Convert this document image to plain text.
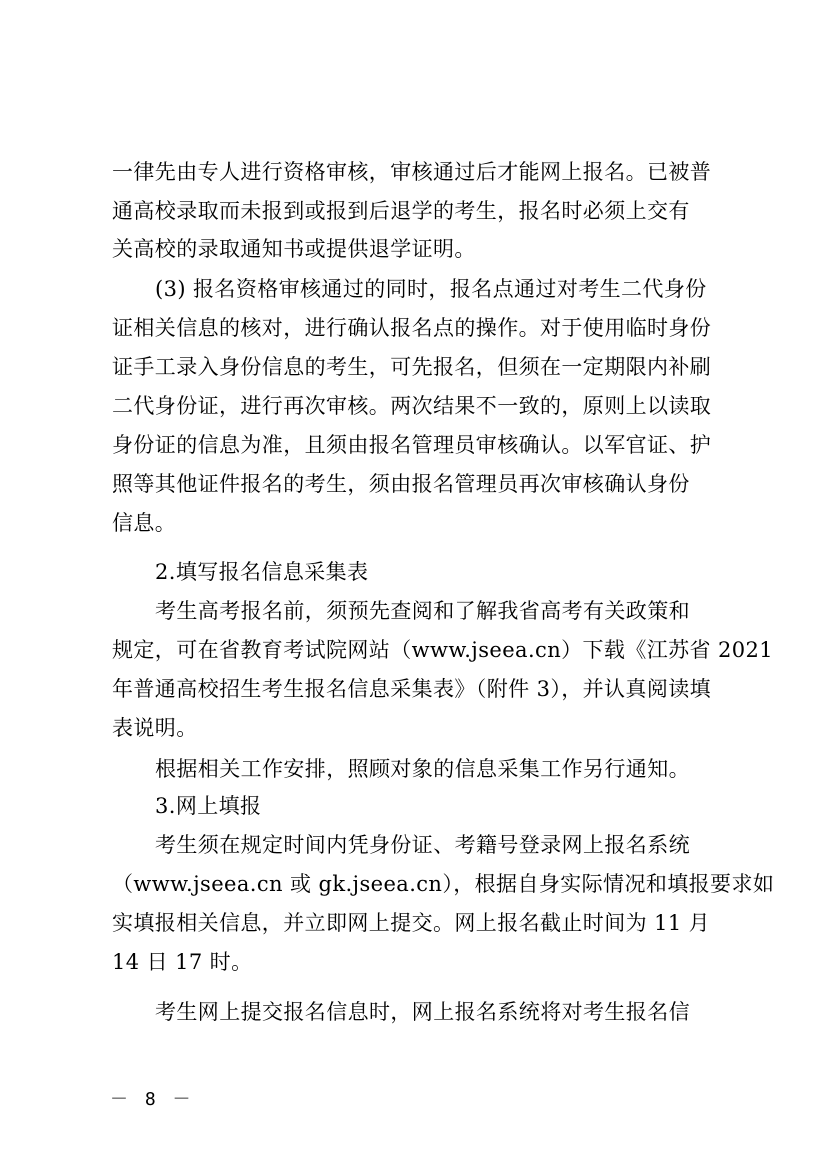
一律先由专人进行资格审核，审核通过后才能网上报名。已被普
通高校录取而未报到或报到后退学的考生，报名时必须上交有
关高校的录取通知书或提供退学证明。
(3) 报名资格审核通过的同时，报名点通过对考生二代身份
证相关信息的核对，进行确认报名点的操作。对于使用临时身份
证手工录入身份信息的考生，可先报名，但须在一定期限内补刷
二代身份证，进行再次审核。两次结果不一致的，原则上以读取
身份证的信息为准，且须由报名管理员审核确认。以军官证、护
照等其他证件报名的考生，须由报名管理员再次审核确认身份
信息。
2.填写报名信息采集表
考生高考报名前，须预先查阅和了解我省高考有关政策和
规定，可在省教育考试院网站（www.jseea.cn）下载《江苏省 2021
年普通高校招生考生报名信息采集表》（附件 3），并认真阅读填
表说明。
根据相关工作安排，照顾对象的信息采集工作另行通知。
3.网上填报
考生须在规定时间内凭身份证、考籍号登录网上报名系统
（www.jseea.cn 或 gk.jseea.cn），根据自身实际情况和填报要求如
实填报相关信息，并立即网上提交。网上报名截止时间为 11 月
14 日 17 时。
考生网上提交报名信息时，网上报名系统将对考生报名信
－ 8 －
